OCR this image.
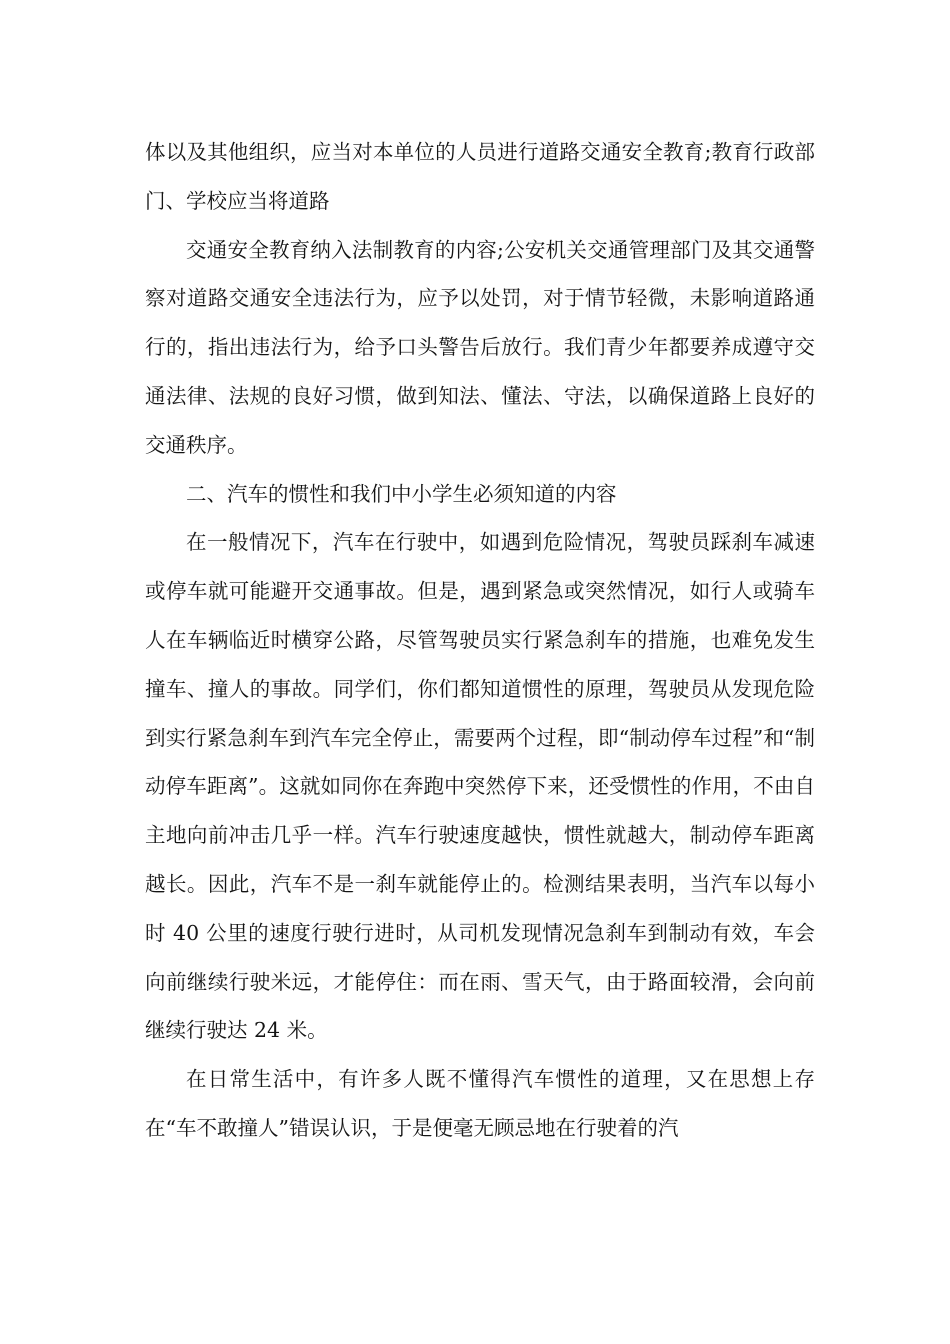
体以及其他组织，应当对本单位的人员进行道路交通安全教育;教育行政部门、学校应当将道路

交通安全教育纳入法制教育的内容;公安机关交通管理部门及其交通警察对道路交通安全违法行为，应予以处罚，对于情节轻微，未影响道路通行的，指出违法行为，给予口头警告后放行。我们青少年都要养成遵守交通法律、法规的良好习惯，做到知法、懂法、守法，以确保道路上良好的交通秩序。

二、汽车的惯性和我们中小学生必须知道的内容

在一般情况下，汽车在行驶中，如遇到危险情况，驾驶员踩刹车减速或停车就可能避开交通事故。但是，遇到紧急或突然情况，如行人或骑车人在车辆临近时横穿公路，尽管驾驶员实行紧急刹车的措施，也难免发生撞车、撞人的事故。同学们，你们都知道惯性的原理，驾驶员从发现危险到实行紧急刹车到汽车完全停止，需要两个过程，即“制动停车过程”和“制动停车距离”。这就如同你在奔跑中突然停下来，还受惯性的作用，不由自主地向前冲击几乎一样。汽车行驶速度越快，惯性就越大，制动停车距离越长。因此，汽车不是一刹车就能停止的。检测结果表明，当汽车以每小时 40 公里的速度行驶行进时，从司机发现情况急刹车到制动有效，车会向前继续行驶米远，才能停住：而在雨、雪天气，由于路面较滑，会向前继续行驶达 24 米。

在日常生活中，有许多人既不懂得汽车惯性的道理，又在思想上存在“车不敢撞人”错误认识，于是便毫无顾忌地在行驶着的汽
